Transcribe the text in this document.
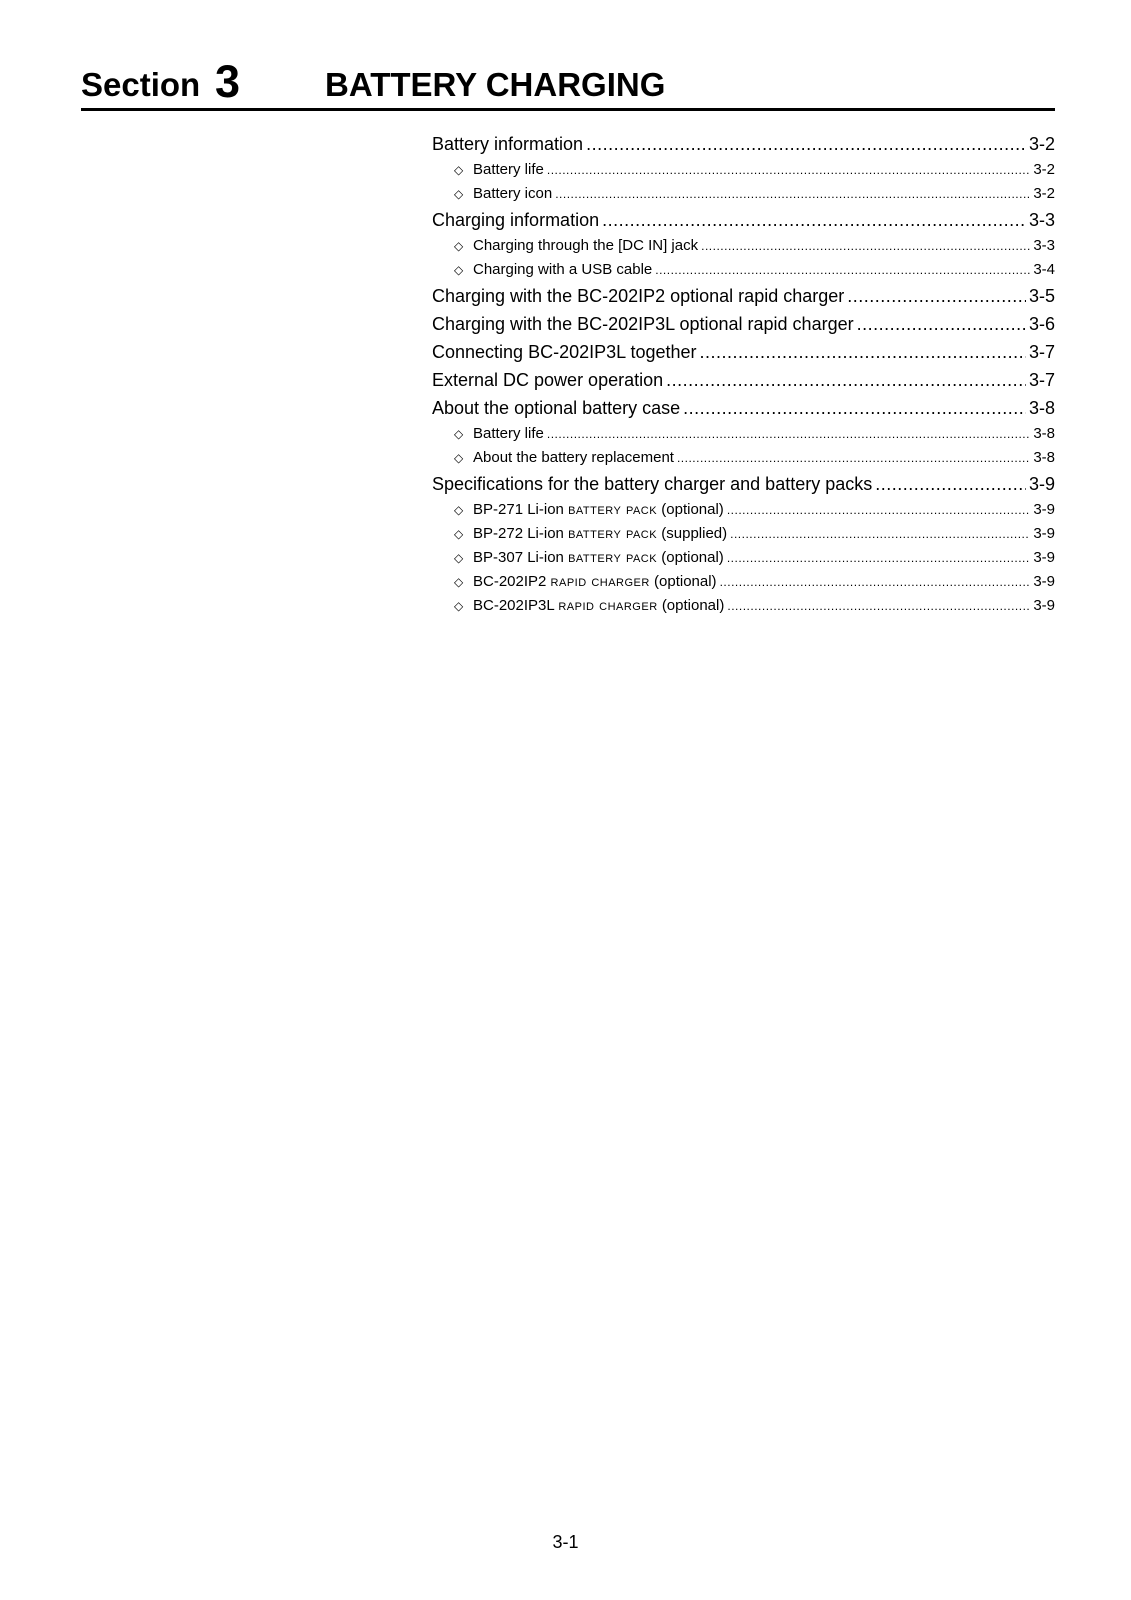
Section 3	BATTERY CHARGING
Battery information .....	3-2
◇ Battery life .....	3-2
◇ Battery icon .....	3-2
Charging information .....	3-3
◇ Charging through the [DC IN] jack .....	3-3
◇ Charging with a USB cable .....	3-4
Charging with the BC-202IP2 optional rapid charger .....	3-5
Charging with the BC-202IP3L optional rapid charger .....	3-6
Connecting BC-202IP3L together .....	3-7
External DC power operation .....	3-7
About the optional battery case .....	3-8
◇ Battery life .....	3-8
◇ About the battery replacement .....	3-8
Specifications for the battery charger and battery packs .....	3-9
◇ BP-271 Li-ion battery pack (optional) .....	3-9
◇ BP-272 Li-ion battery pack (supplied) .....	3-9
◇ BP-307 Li-ion battery pack (optional) .....	3-9
◇ BC-202IP2 rapid charger (optional) .....	3-9
◇ BC-202IP3L rapid charger (optional) .....	3-9
3-1
